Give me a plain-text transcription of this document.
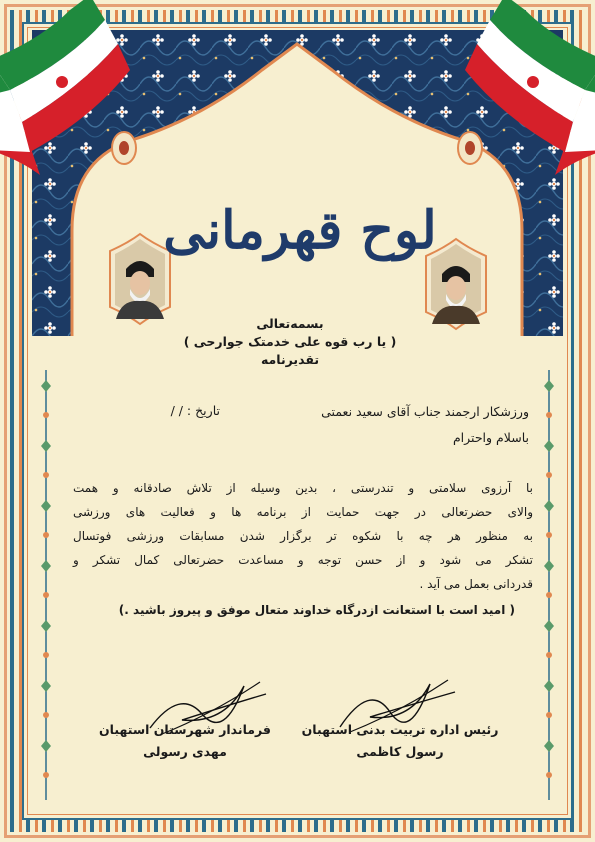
لوح قهرمانی
بسمه‌تعالی
( یا رب قوه علی خدمتک جوارحی )
تقدیرنامه
ورزشکار ارجمند جناب آقای سعید نعمتی
تاریخ : / /
باسلام واحترام
با آرزوی سلامتی و تندرستی ، بدین وسیله از تلاش صادقانه و همت
والای حضرتعالی در جهت حمایت از برنامه ها و فعالیت های ورزشی
به منظور هر چه با شکوه تر برگزار شدن مسابقات ورزشی فوتسال
تشکر می شود و از حسن توجه و مساعدت حضرتعالی کمال تشکر و
قدردانی بعمل می آید .
( امید است با استعانت ازدرگاه خداوند متعال موفق و پیروز باشید .)
رئیس اداره تربیت بدنی استهبان
رسول کاظمی
فرماندار شهرستان استهبان
مهدی رسولی
